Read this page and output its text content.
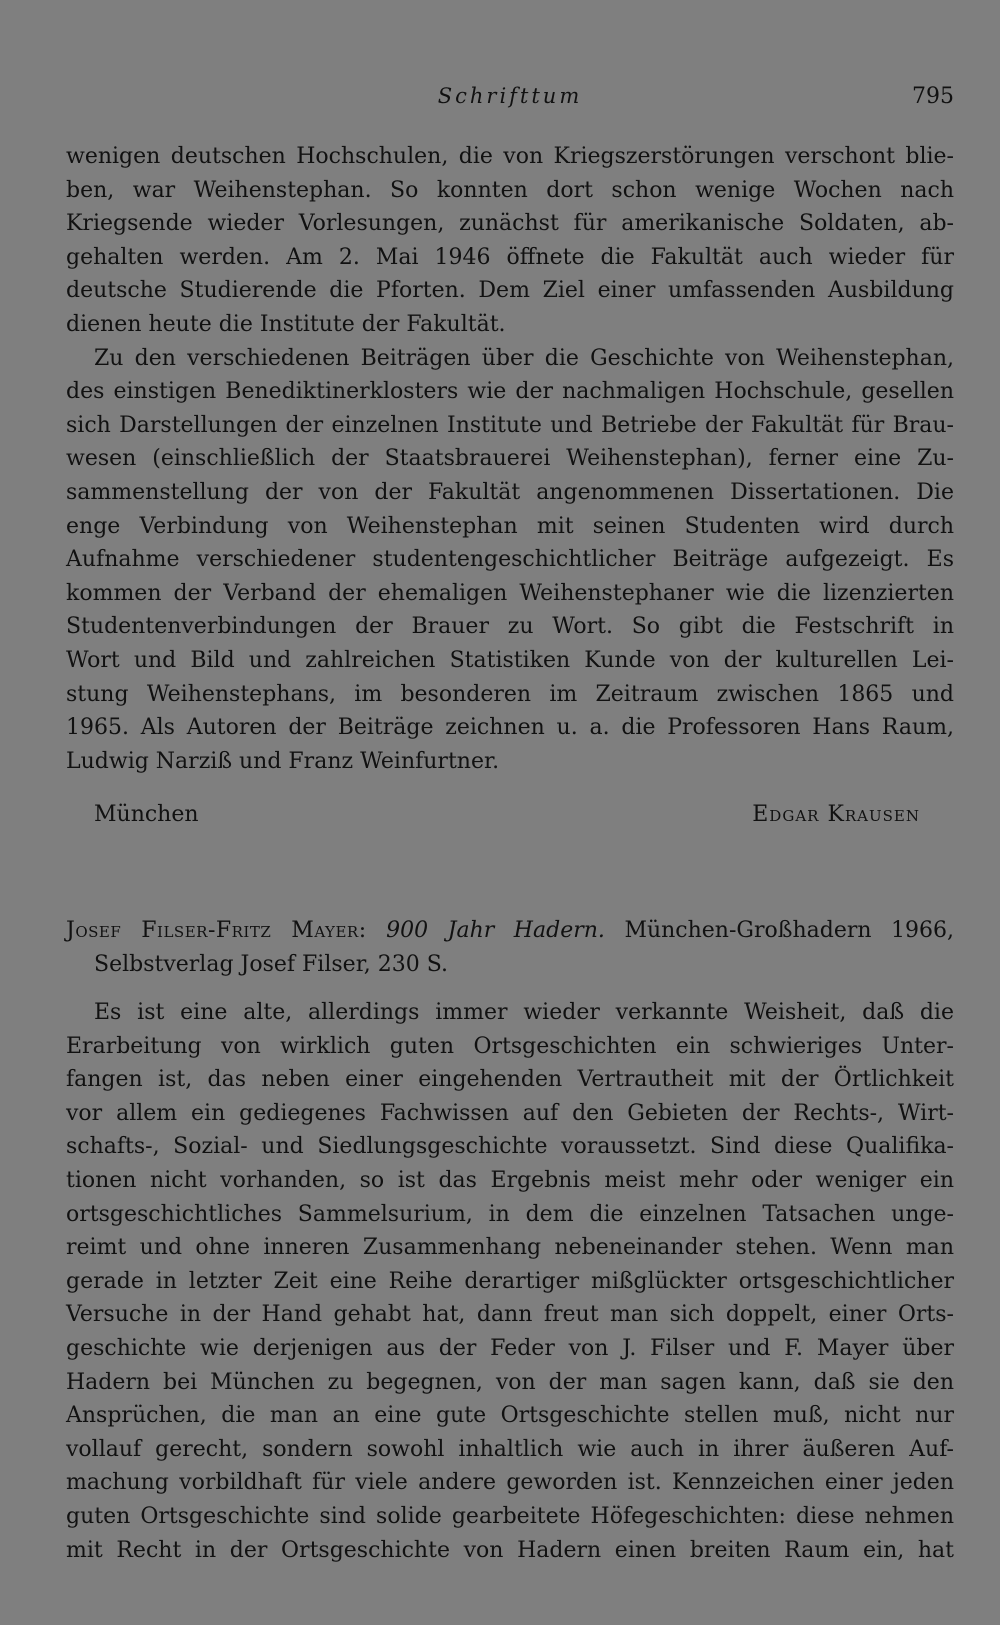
Schrifttum	795
wenigen deutschen Hochschulen, die von Kriegszerstörungen verschont blie-
ben, war Weihenstephan. So konnten dort schon wenige Wochen nach
Kriegsende wieder Vorlesungen, zunächst für amerikanische Soldaten, ab-
gehalten werden. Am 2. Mai 1946 öffnete die Fakultät auch wieder für
deutsche Studierende die Pforten. Dem Ziel einer umfassenden Ausbildung
dienen heute die Institute der Fakultät.
Zu den verschiedenen Beiträgen über die Geschichte von Weihenstephan,
des einstigen Benediktinerklosters wie der nachmaligen Hochschule, gesellen
sich Darstellungen der einzelnen Institute und Betriebe der Fakultät für Brau-
wesen (einschließlich der Staatsbrauerei Weihenstephan), ferner eine Zu-
sammenstellung der von der Fakultät angenommenen Dissertationen. Die
enge Verbindung von Weihenstephan mit seinen Studenten wird durch
Aufnahme verschiedener studentengeschichtlicher Beiträge aufgezeigt. Es
kommen der Verband der ehemaligen Weihenstephaner wie die lizenzierten
Studentenverbindungen der Brauer zu Wort. So gibt die Festschrift in
Wort und Bild und zahlreichen Statistiken Kunde von der kulturellen Lei-
stung Weihenstephans, im besonderen im Zeitraum zwischen 1865 und
1965. Als Autoren der Beiträge zeichnen u. a. die Professoren Hans Raum,
Ludwig Narziß und Franz Weinfurtner.
München	Edgar Krausen
Josef Filser-Fritz Mayer: 900 Jahr Hadern. München-Großhadern 1966,
Selbstverlag Josef Filser, 230 S.
Es ist eine alte, allerdings immer wieder verkannte Weisheit, daß die
Erarbeitung von wirklich guten Ortsgeschichten ein schwieriges Unter-
fangen ist, das neben einer eingehenden Vertrautheit mit der Örtlichkeit
vor allem ein gediegenes Fachwissen auf den Gebieten der Rechts-, Wirt-
schafts-, Sozial- und Siedlungsgeschichte voraussetzt. Sind diese Qualifika-
tionen nicht vorhanden, so ist das Ergebnis meist mehr oder weniger ein
ortsgeschichtliches Sammelsurium, in dem die einzelnen Tatsachen unge-
reimt und ohne inneren Zusammenhang nebeneinander stehen. Wenn man
gerade in letzter Zeit eine Reihe derartiger mißglückter ortsgeschichtlicher
Versuche in der Hand gehabt hat, dann freut man sich doppelt, einer Orts-
geschichte wie derjenigen aus der Feder von J. Filser und F. Mayer über
Hadern bei München zu begegnen, von der man sagen kann, daß sie den
Ansprüchen, die man an eine gute Ortsgeschichte stellen muß, nicht nur
vollauf gerecht, sondern sowohl inhaltlich wie auch in ihrer äußeren Auf-
machung vorbildhaft für viele andere geworden ist. Kennzeichen einer jeden
guten Ortsgeschichte sind solide gearbeitete Höfegeschichten: diese nehmen
mit Recht in der Ortsgeschichte von Hadern einen breiten Raum ein, hat
